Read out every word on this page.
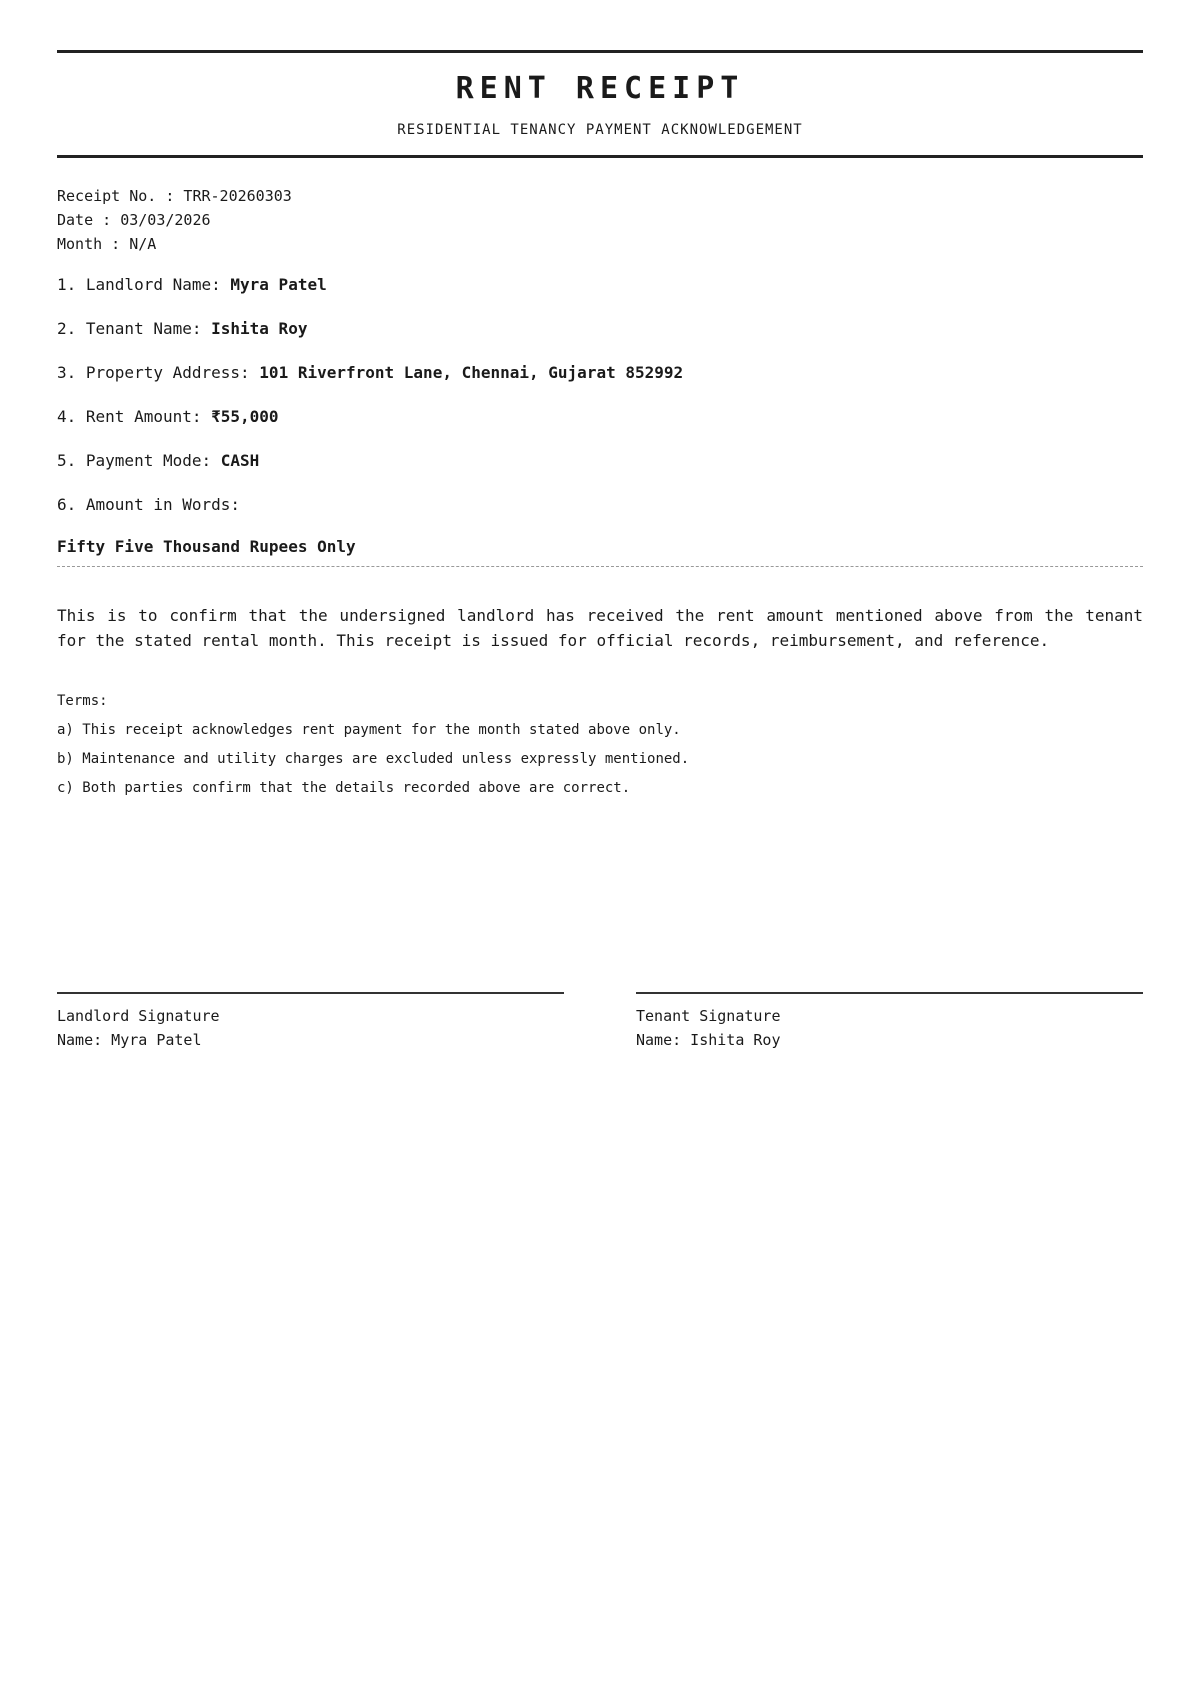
RENT RECEIPT
RESIDENTIAL TENANCY PAYMENT ACKNOWLEDGEMENT
Receipt No. : TRR-20260303
Date : 03/03/2026
Month : N/A
1. Landlord Name: Myra Patel
2. Tenant Name: Ishita Roy
3. Property Address: 101 Riverfront Lane, Chennai, Gujarat 852992
4. Rent Amount: ₹55,000
5. Payment Mode: CASH
6. Amount in Words:
Fifty Five Thousand Rupees Only
This is to confirm that the undersigned landlord has received the rent amount mentioned above from the tenant for the stated rental month. This receipt is issued for official records, reimbursement, and reference.
Terms:
a) This receipt acknowledges rent payment for the month stated above only.
b) Maintenance and utility charges are excluded unless expressly mentioned.
c) Both parties confirm that the details recorded above are correct.
Landlord Signature
Name: Myra Patel
Tenant Signature
Name: Ishita Roy
